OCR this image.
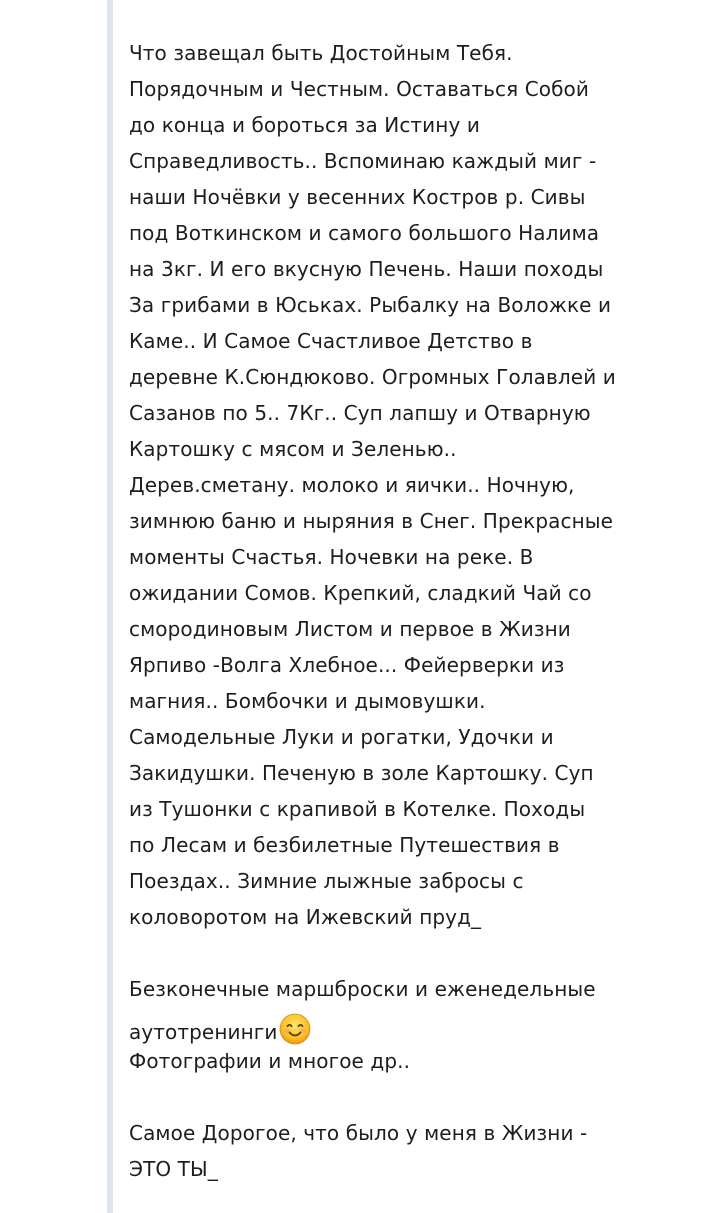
Что завещал быть Достойным Тебя.
Порядочным и Честным. Оставаться Собой
до конца и бороться за Истину и
Справедливость.. Вспоминаю каждый миг -
наши Ночёвки у весенних Костров р. Сивы
под Воткинском и самого большого Налима
на 3кг. И его вкусную Печень. Наши походы
За грибами в Юськах. Рыбалку на Воложке и
Каме.. И Самое Счастливое Детство в
деревне К.Сюндюково. Огромных Голавлей и
Сазанов по 5.. 7Кг.. Суп лапшу и Отварную
Картошку с мясом и Зеленью..
Дерев.сметану. молоко и яички.. Ночную,
зимнюю баню и ныряния в Снег. Прекрасные
моменты Счастья. Ночевки на реке. В
ожидании Сомов. Крепкий, сладкий Чай со
смородиновым Листом и первое в Жизни
Ярпиво -Волга Хлебное... Фейерверки из
магния.. Бомбочки и дымовушки.
Самодельные Луки и рогатки, Удочки и
Закидушки. Печеную в золе Картошку. Суп
из Тушонки с крапивой в Котелке. Походы
по Лесам и безбилетные Путешествия в
Поездах.. Зимние лыжные забросы с
коловоротом на Ижевский пруд_
Безконечные маршброски и еженедельные
аутотренинги
Фотографии и многое др..
Самое Дорогое, что было у меня в Жизни -
ЭТО ТЫ_
